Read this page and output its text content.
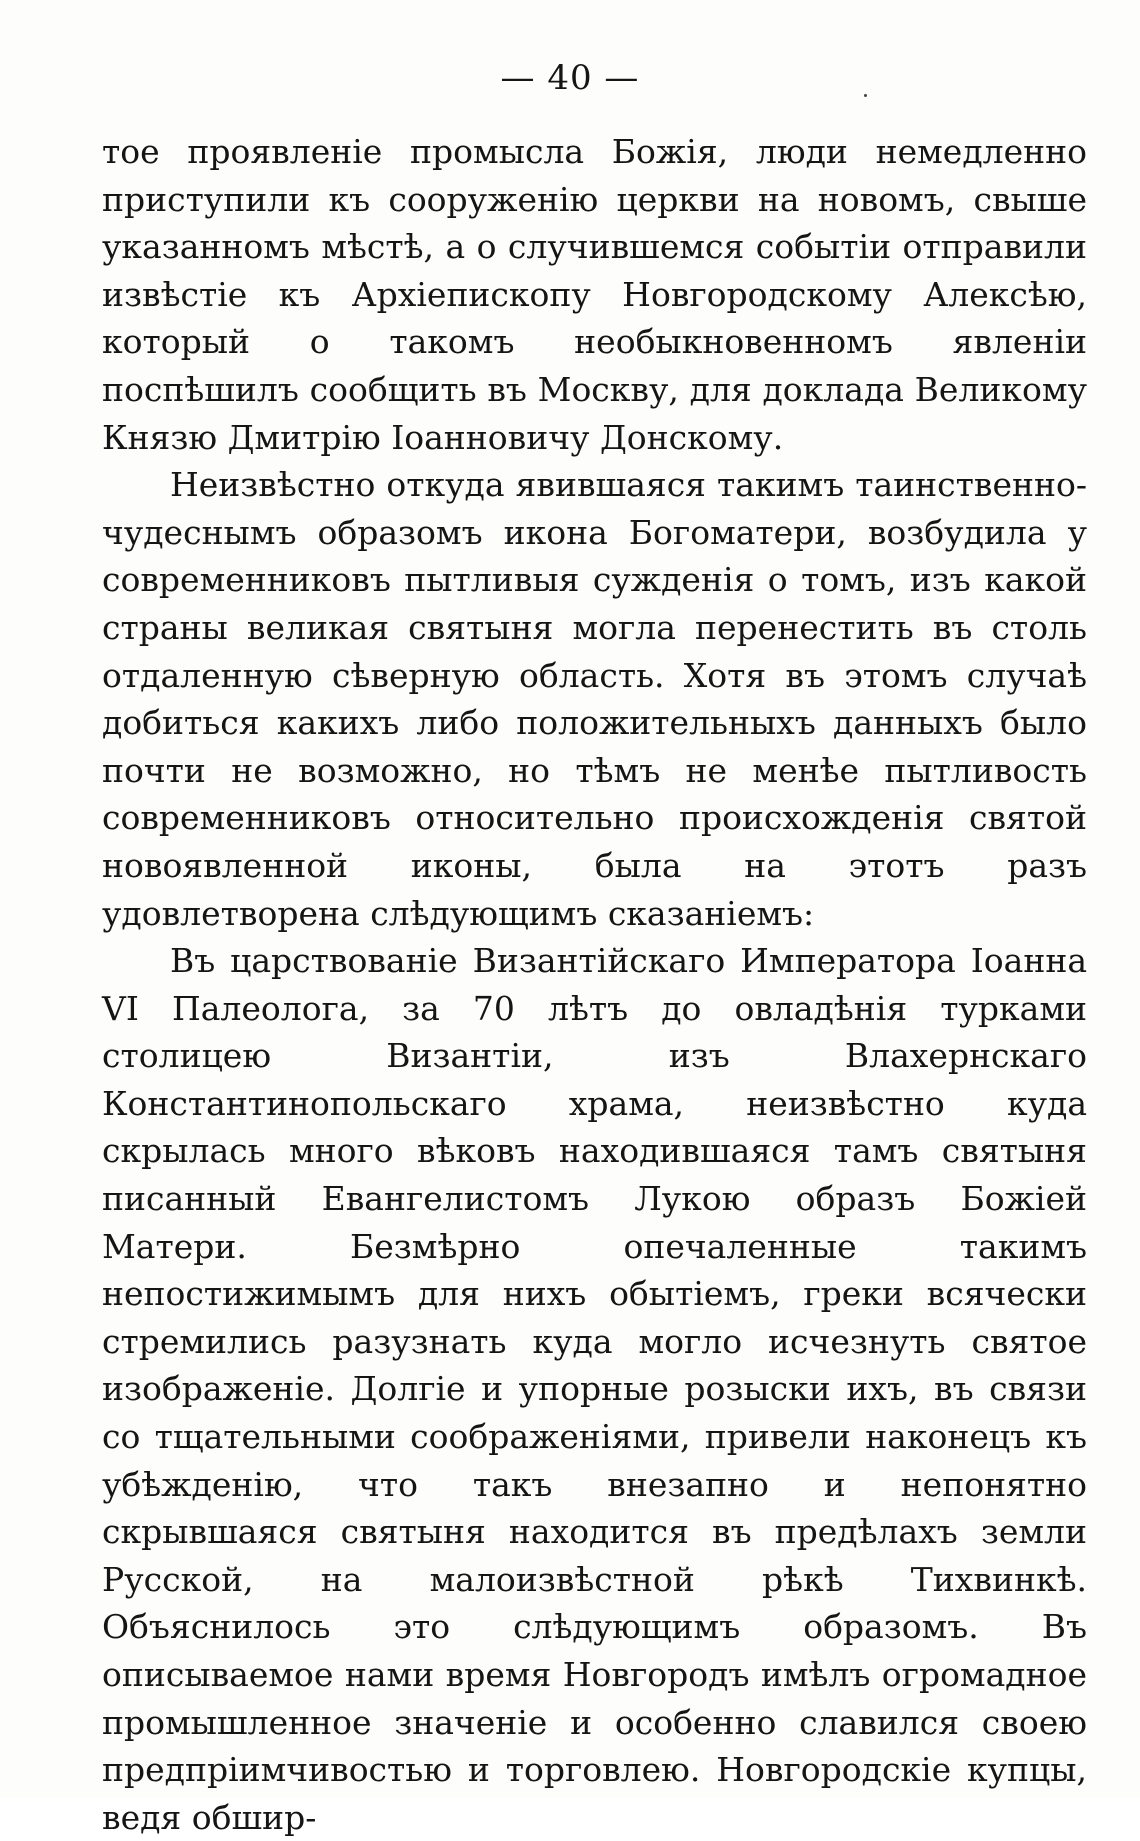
— 40 —

тое проявленіе промысла Божія, люди немедленно приступили къ сооруженію церкви на новомъ, свыше указанномъ мѣстѣ, а о случившемся событіи отправили извѣстіе къ Архіепископу Новгородскому Алексѣю, который о такомъ необыкновенномъ явленіи поспѣшилъ сообщить въ Москву, для доклада Великому Князю Дмитрію Іоанновичу Донскому.

Неизвѣстно откуда явившаяся такимъ таинственно-чудеснымъ образомъ икона Богоматери, возбудила у современниковъ пытливыя сужденія о томъ, изъ какой страны великая святыня могла перенестить въ столь отдаленную сѣверную область. Хотя въ этомъ случаѣ добиться какихъ либо положительныхъ данныхъ было почти не возможно, но тѣмъ не менѣе пытливость современниковъ относительно происхожденія святой новоявленной иконы, была на этотъ разъ удовлетворена слѣдующимъ сказаніемъ:

Въ царствованіе Византійскаго Императора Іоанна VI Палеолога, за 70 лѣтъ до овладѣнія турками столицею Византіи, изъ Влахернскаго Константинопольскаго храма, неизвѣстно куда скрылась много вѣковъ находившаяся тамъ святыня писанный Евангелистомъ Лукою образъ Божіей Матери. Безмѣрно опечаленные такимъ непостижимымъ для нихъ обытіемъ, греки всячески стремились разузнать куда могло исчезнуть святое изображеніе. Долгіе и упорные розыски ихъ, въ связи со тщательными соображеніями, привели наконецъ къ убѣжденію, что такъ внезапно и непонятно скрывшаяся святыня находится въ предѣлахъ земли Русской, на малоизвѣстной рѣкѣ Тихвинкѣ. Объяснилось это слѣдующимъ образомъ. Въ описываемое нами время Новгородъ имѣлъ огромадное промышленное значеніе и особенно славился своею предпріимчивостью и торговлею. Новгородскіе купцы, ведя обшир-
